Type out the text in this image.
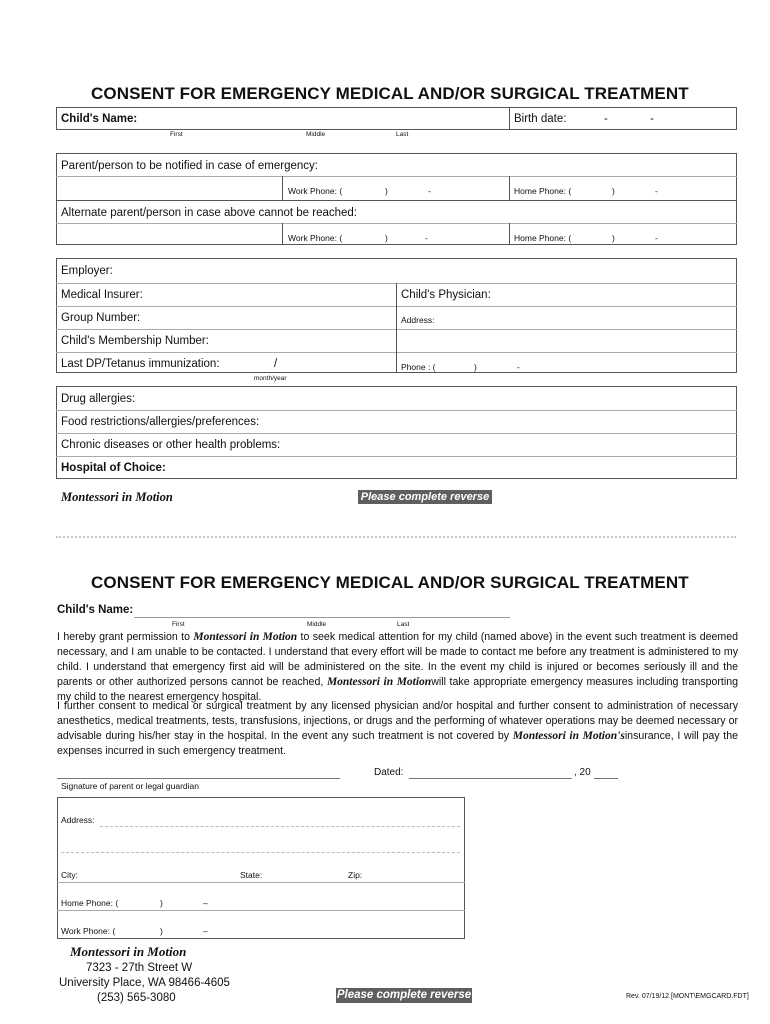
CONSENT FOR EMERGENCY MEDICAL AND/OR SURGICAL TREATMENT
Child's Name:	Birth date:	-	-
First	Middle	Last
Parent/person to be notified in case of emergency:
Work Phone: (	)	-	Home Phone: (	)	-
Alternate parent/person in case above cannot be reached:
Work Phone: (	)	-	Home Phone: (	)	-
Employer:
Medical Insurer:	Child's Physician:
Group Number:	Address:
Child's Membership Number:
Last DP/Tetanus immunization:	/
month/year
Phone : (	)	-
Drug allergies:
Food restrictions/allergies/preferences:
Chronic diseases or other health problems:
Hospital of Choice:
Montessori in Motion	Please complete reverse
CONSENT FOR EMERGENCY MEDICAL AND/OR SURGICAL TREATMENT
Child's Name:
First	Middle	Last
I hereby grant permission to Montessori in Motion to seek medical attention for my child (named above) in the event such treatment is deemed necessary, and I am unable to be contacted. I understand that every effort will be made to contact me before any treatment is administered to my child. I understand that emergency first aid will be administered on the site. In the event my child is injured or becomes seriously ill and the parents or other authorized persons cannot be reached, Montessori in Motionwill take appropriate emergency measures including transporting my child to the nearest emergency hospital.
I further consent to medical or surgical treatment by any licensed physician and/or hospital and further consent to administration of necessary anesthetics, medical treatments, tests, transfusions, injections, or drugs and the performing of whatever operations may be deemed necessary or advisable during his/her stay in the hospital. In the event any such treatment is not covered by Montessori in Motion'sinsurance, I will pay the expenses incurred in such emergency treatment.
Dated:	, 20
Signature of parent or legal guardian
Address:
City:	State:	Zip:
Home Phone: (	)	–
Work Phone: (	)	–
Montessori in Motion
7323 - 27th Street W
University Place, WA 98466-4605
(253) 565-3080	Please complete reverse	Rev. 07/19/12 [MONT\EMGCARD.FDT]
